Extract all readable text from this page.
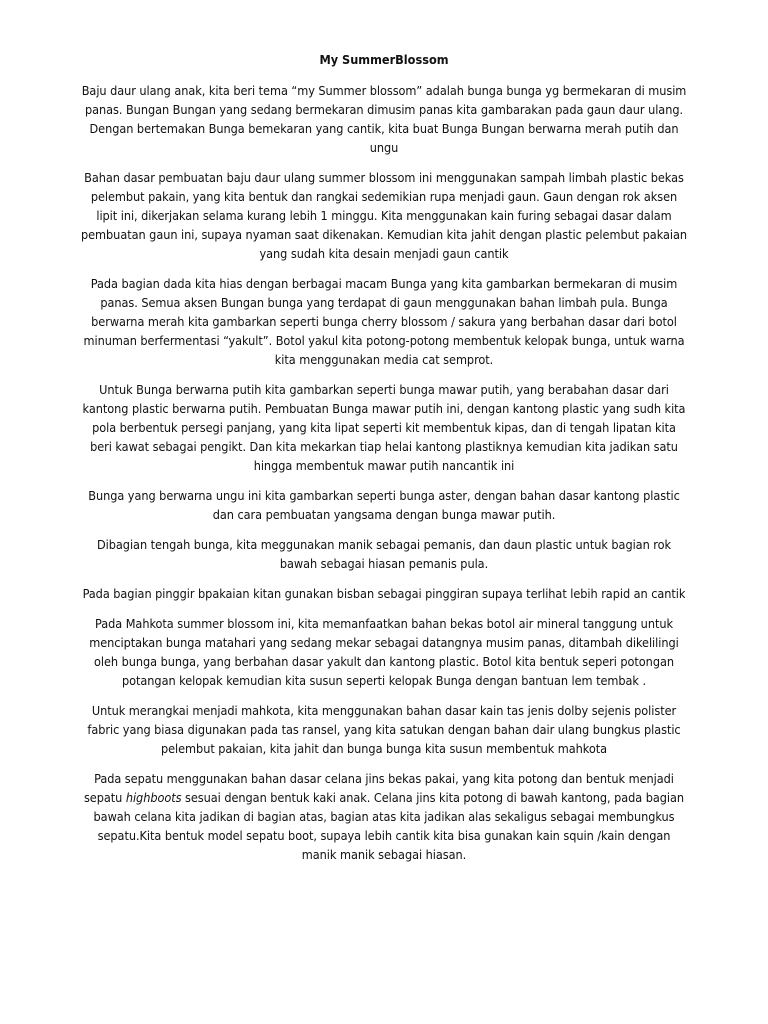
My SummerBlossom

Baju daur ulang anak, kita beri tema “my Summer blossom” adalah bunga bunga yg bermekaran di musim panas. Bungan Bungan yang sedang bermekaran dimusim panas kita gambarakan pada gaun daur ulang. Dengan bertemakan Bunga bemekaran yang cantik, kita buat Bunga Bungan berwarna merah putih dan ungu

Bahan dasar pembuatan baju daur ulang summer blossom ini menggunakan sampah limbah plastic bekas pelembut pakain, yang kita bentuk dan rangkai sedemikian rupa menjadi gaun. Gaun dengan rok aksen lipit ini, dikerjakan selama kurang lebih 1 minggu. Kita menggunakan kain furing sebagai dasar dalam pembuatan gaun ini, supaya nyaman saat dikenakan. Kemudian kita jahit dengan plastic pelembut pakaian yang sudah kita desain menjadi gaun cantik

Pada bagian dada kita hias dengan berbagai macam Bunga yang kita gambarkan bermekaran di musim panas. Semua aksen Bungan bunga yang terdapat di gaun menggunakan bahan limbah pula. Bunga berwarna merah kita gambarkan seperti bunga cherry blossom / sakura yang berbahan dasar dari botol minuman berfermentasi “yakult”. Botol yakul kita potong-potong membentuk kelopak bunga, untuk warna kita menggunakan media cat semprot.

Untuk Bunga berwarna putih kita gambarkan seperti bunga mawar putih, yang berabahan dasar dari kantong plastic berwarna putih. Pembuatan Bunga mawar putih ini, dengan kantong plastic yang sudh kita pola berbentuk persegi panjang, yang kita lipat seperti kit membentuk kipas, dan di tengah lipatan kita beri kawat sebagai pengikt. Dan kita mekarkan tiap helai kantong plastiknya kemudian kita jadikan satu hingga membentuk mawar putih nancantik ini

Bunga yang berwarna ungu ini kita gambarkan seperti bunga aster, dengan bahan dasar kantong plastic dan cara pembuatan yangsama dengan bunga mawar putih.

Dibagian tengah bunga, kita meggunakan manik sebagai pemanis, dan daun plastic untuk bagian rok bawah sebagai hiasan pemanis pula.

Pada bagian pinggir bpakaian kitan gunakan bisban sebagai pinggiran supaya terlihat lebih rapid an cantik

Pada Mahkota summer blossom ini, kita memanfaatkan bahan bekas botol air mineral tanggung untuk menciptakan bunga matahari yang sedang mekar sebagai datangnya musim panas, ditambah dikelilingi oleh bunga bunga, yang berbahan dasar yakult dan kantong plastic. Botol kita bentuk seperi potongan potangan kelopak kemudian kita susun seperti kelopak Bunga dengan bantuan lem tembak .

Untuk merangkai menjadi mahkota, kita menggunakan bahan dasar kain tas jenis dolby sejenis polister fabric yang biasa digunakan pada tas ransel, yang kita satukan dengan bahan dair ulang bungkus plastic pelembut pakaian, kita jahit dan bunga bunga kita susun membentuk mahkota

Pada sepatu menggunakan bahan dasar celana jins bekas pakai, yang kita potong dan bentuk menjadi sepatu highboots sesuai dengan bentuk kaki anak. Celana jins kita potong di bawah kantong, pada bagian bawah celana kita jadikan di bagian atas, bagian atas kita jadikan alas sekaligus sebagai membungkus sepatu.Kita bentuk model sepatu boot, supaya lebih cantik kita bisa gunakan kain squin /kain dengan manik manik sebagai hiasan.
